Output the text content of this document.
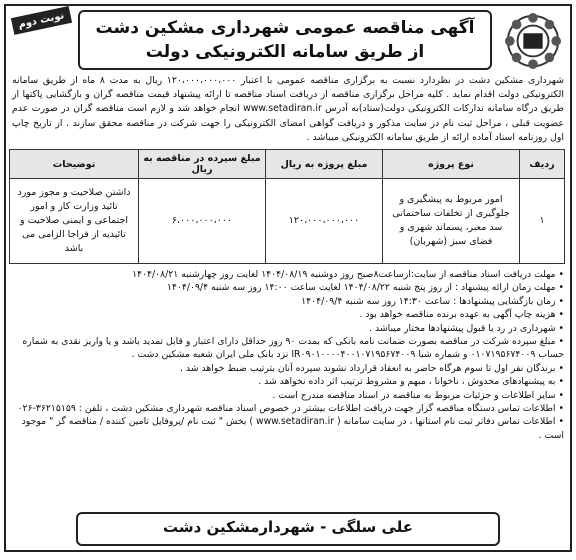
نوبت دوم	آگهی مناقصه عمومی شهرداری مشکین دشت
از طریق سامانه الکترونیکی دولت
شهرداری مشکین دشت در نظردارد نسبت به برگزاری مناقصه عمومی با اعتبار ۱۲۰،۰۰۰،۰۰۰،۰۰۰ ریال به مدت ۸ ماه از طریق سامانه الکترونیکی دولت اقدام نماید . کلیه مراحل برگزاری مناقصه از دریافت اسناد مناقصه تا ارائه پیشنهاد قیمت مناقصه گران و بازگشایی پاکتها از طریق درگاه سامانه تدارکات الکترونیکی دولت(ستاد)به آدرس www.setadiran.ir انجام خواهد شد و لازم است مناقصه گران در صورت عدم عضویت قبلی ، مراحل ثبت نام در سایت مذکور و دریافت گواهی امضای الکترونیکی را جهت شرکت در مناقصه محقق سازند . از تاریخ چاپ اول روزنامه اسناد آماده ارائه از طریق سامانه الکترونیکی میباشد .
ردیف	نوع پروژه	مبلغ پروژه به ریال	مبلغ سپرده در مناقصه به ریال	توضیحات
۱	امور مربوط به پیشگیری و جلوگیری از تخلفات ساختمانی سد معبر، پسماند شهری و فضای سبز (شهربان)	۱۲۰،۰۰۰،۰۰۰،۰۰۰	۶،۰۰۰،۰۰۰،۰۰۰	داشتن صلاحیت و مجوز مورد تائید وزارت کار و امور اجتماعی و ایمنی صلاحیت و تائیدیه از فراجا الزامی می باشد
• مهلت دریافت اسناد مناقصه از سایت:ازساعت۸صبح روز دوشنبه ۱۴۰۴/۰۸/۱۹ لغایت روز چهارشنبه ۱۴۰۴/۰۸/۲۱
• مهلت زمان ارائه پیشنهاد : از روز پنج شنبه ۱۴۰۴/۰۸/۲۲ لغایت ساعت ۱۴:۰۰ روز سه شنبه ۱۴۰۴/۰۹/۴
• زمان بازگشایی پیشنهادها : ساعت ۱۴:۳۰ روز سه شنبه ۱۴۰۴/۰۹/۴
• هزینه چاپ آگهی به عهده برنده مناقصه خواهد بود .
• شهرداری در رد یا قبول پیشنهادها مختار میباشد .
• مبلغ سپرده شرکت در مناقصه بصورت ضمانت نامه بانکی که بمدت ۹۰ روز حداقل دارای اعتبار و قابل تمدید باشد و یا واریز نقدی به شماره حساب ۰۱۰۷۱۹۵۶۷۴۰۰۹ و شماره شبا IR۰۹۰۱۰۰۰۰۴۰۰۱۰۷۱۹۵۶۷۴۰۰۹ نزد بانک ملی ایران شعبه مشکین دشت .
• برندگان نفر اول تا سوم هرگاه حاضر به انعقاد قرارداد نشوند سپرده آنان بترتیب ضبط خواهد شد .
• به پیشنهادهای مخدوش ، ناخوانا ، مبهم و مشروط ترتیب اثر داده نخواهد شد .
• سایر اطلاعات و جزئیات مربوط به مناقصه در اسناد مناقصه مندرج است .
• اطلاعات تماس دستگاه مناقصه گزار جهت دریافت اطلاعات بیشتر در خصوص اسناد مناقصه شهرداری مشکین دشت ، تلفن : ۳۶۲۱۵۱۵۹-۰۲۶
• اطلاعات تماس دفاتر ثبت نام استانها ، در سایت سامانه ( www.setadiran.ir ) بخش " ثبت نام /پروفایل تامین کننده / مناقصه گر " موجود است .
علی سلگی - شهردارمشکین دشت
